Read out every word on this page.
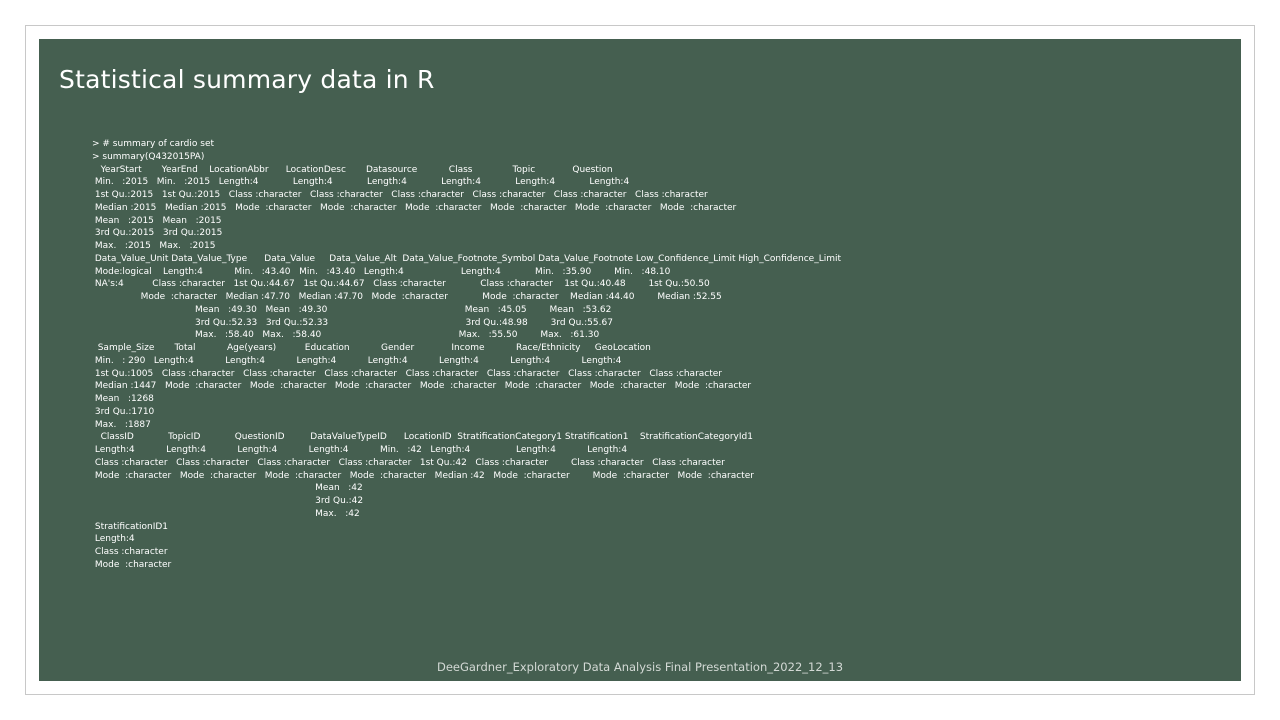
Statistical summary data in R
> # summary of cardio set
> summary(Q432015PA)
YearStart       YearEnd    LocationAbbr      LocationDesc       Datasource           Class              Topic             Question
Min.   :2015   Min.   :2015   Length:4            Length:4            Length:4            Length:4            Length:4            Length:4
1st Qu.:2015   1st Qu.:2015   Class :character   Class :character   Class :character   Class :character   Class :character   Class :character
Median :2015   Median :2015   Mode  :character   Mode  :character   Mode  :character   Mode  :character   Mode  :character   Mode  :character
Mean   :2015   Mean   :2015
3rd Qu.:2015   3rd Qu.:2015
Max.   :2015   Max.   :2015
Data_Value_Unit Data_Value_Type      Data_Value     Data_Value_Alt  Data_Value_Footnote_Symbol Data_Value_Footnote Low_Confidence_Limit High_Confidence_Limit
Mode:logical    Length:4           Min.   :43.40   Min.   :43.40   Length:4                    Length:4            Min.   :35.90        Min.   :48.10
NA's:4          Class :character   1st Qu.:44.67   1st Qu.:44.67   Class :character            Class :character    1st Qu.:40.48        1st Qu.:50.50
Mode  :character   Median :47.70   Median :47.70   Mode  :character            Mode  :character    Median :44.40        Median :52.55
Mean   :49.30   Mean   :49.30                                                Mean   :45.05        Mean   :53.62
3rd Qu.:52.33   3rd Qu.:52.33                                                3rd Qu.:48.98        3rd Qu.:55.67
Max.   :58.40   Max.   :58.40                                                Max.   :55.50        Max.   :61.30
Sample_Size       Total           Age(years)          Education           Gender             Income           Race/Ethnicity     GeoLocation
Min.   : 290   Length:4           Length:4           Length:4           Length:4           Length:4           Length:4           Length:4
1st Qu.:1005   Class :character   Class :character   Class :character   Class :character   Class :character   Class :character   Class :character
Median :1447   Mode  :character   Mode  :character   Mode  :character   Mode  :character   Mode  :character   Mode  :character   Mode  :character
Mean   :1268
3rd Qu.:1710
Max.   :1887
ClassID            TopicID            QuestionID         DataValueTypeID      LocationID  StratificationCategory1 Stratification1    StratificationCategoryId1
Length:4           Length:4           Length:4           Length:4           Min.   :42   Length:4                Length:4           Length:4
Class :character   Class :character   Class :character   Class :character   1st Qu.:42   Class :character        Class :character   Class :character
Mode  :character   Mode  :character   Mode  :character   Mode  :character   Median :42   Mode  :character        Mode  :character   Mode  :character
Mean   :42
3rd Qu.:42
Max.   :42
StratificationID1
Length:4
Class :character
Mode  :character
DeeGardner_Exploratory Data Analysis Final Presentation_2022_12_13
